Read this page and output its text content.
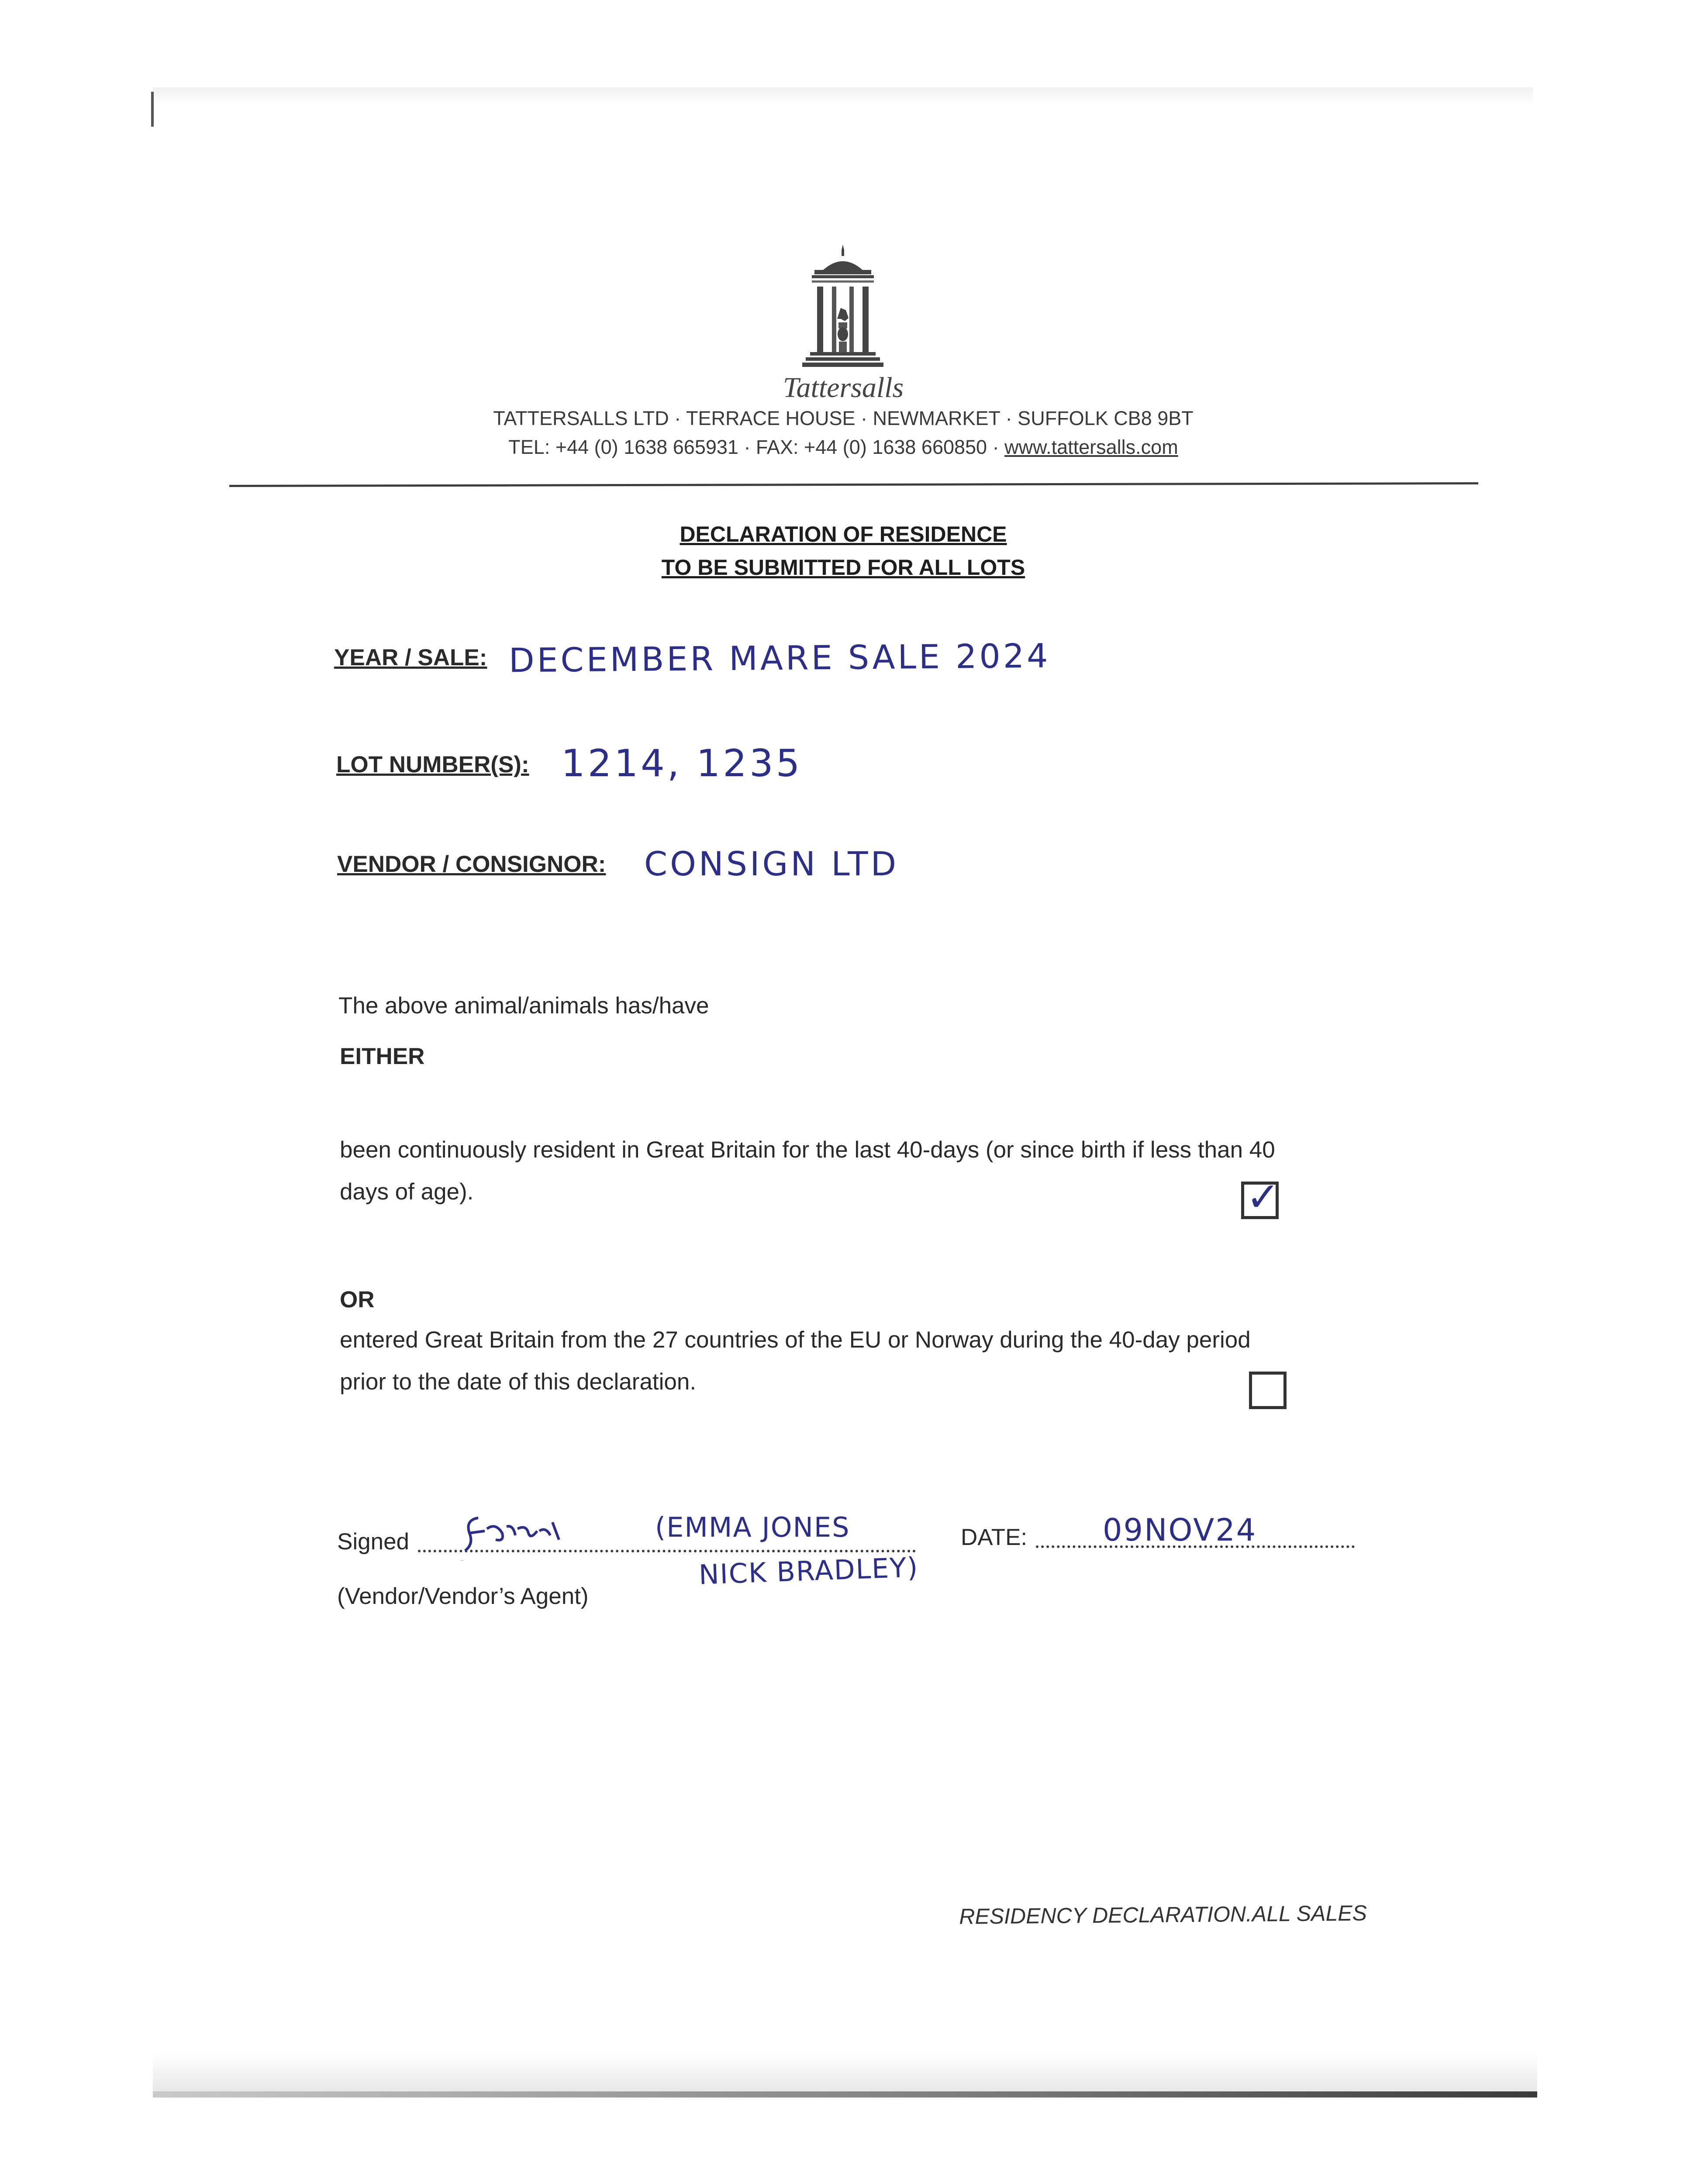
Tattersalls
TATTERSALLS LTD · TERRACE HOUSE · NEWMARKET · SUFFOLK CB8 9BT
TEL: +44 (0) 1638 665931 · FAX: +44 (0) 1638 660850 · www.tattersalls.com
DECLARATION OF RESIDENCE
TO BE SUBMITTED FOR ALL LOTS
YEAR / SALE: DECEMBER MARE SALE 2024
LOT NUMBER(S): 1214, 1235
VENDOR / CONSIGNOR: CONSIGN LTD
The above animal/animals has/have
EITHER
been continuously resident in Great Britain for the last 40-days (or since birth if less than 40
days of age).	✓
OR
entered Great Britain from the 27 countries of the EU or Norway during the 40-day period
prior to the date of this declaration.
Signed
EJones
(EMMA JONES
NICK BRADLEY)
(Vendor/Vendor’s Agent)
DATE: 09NOV24
RESIDENCY DECLARATION.ALL SALES
